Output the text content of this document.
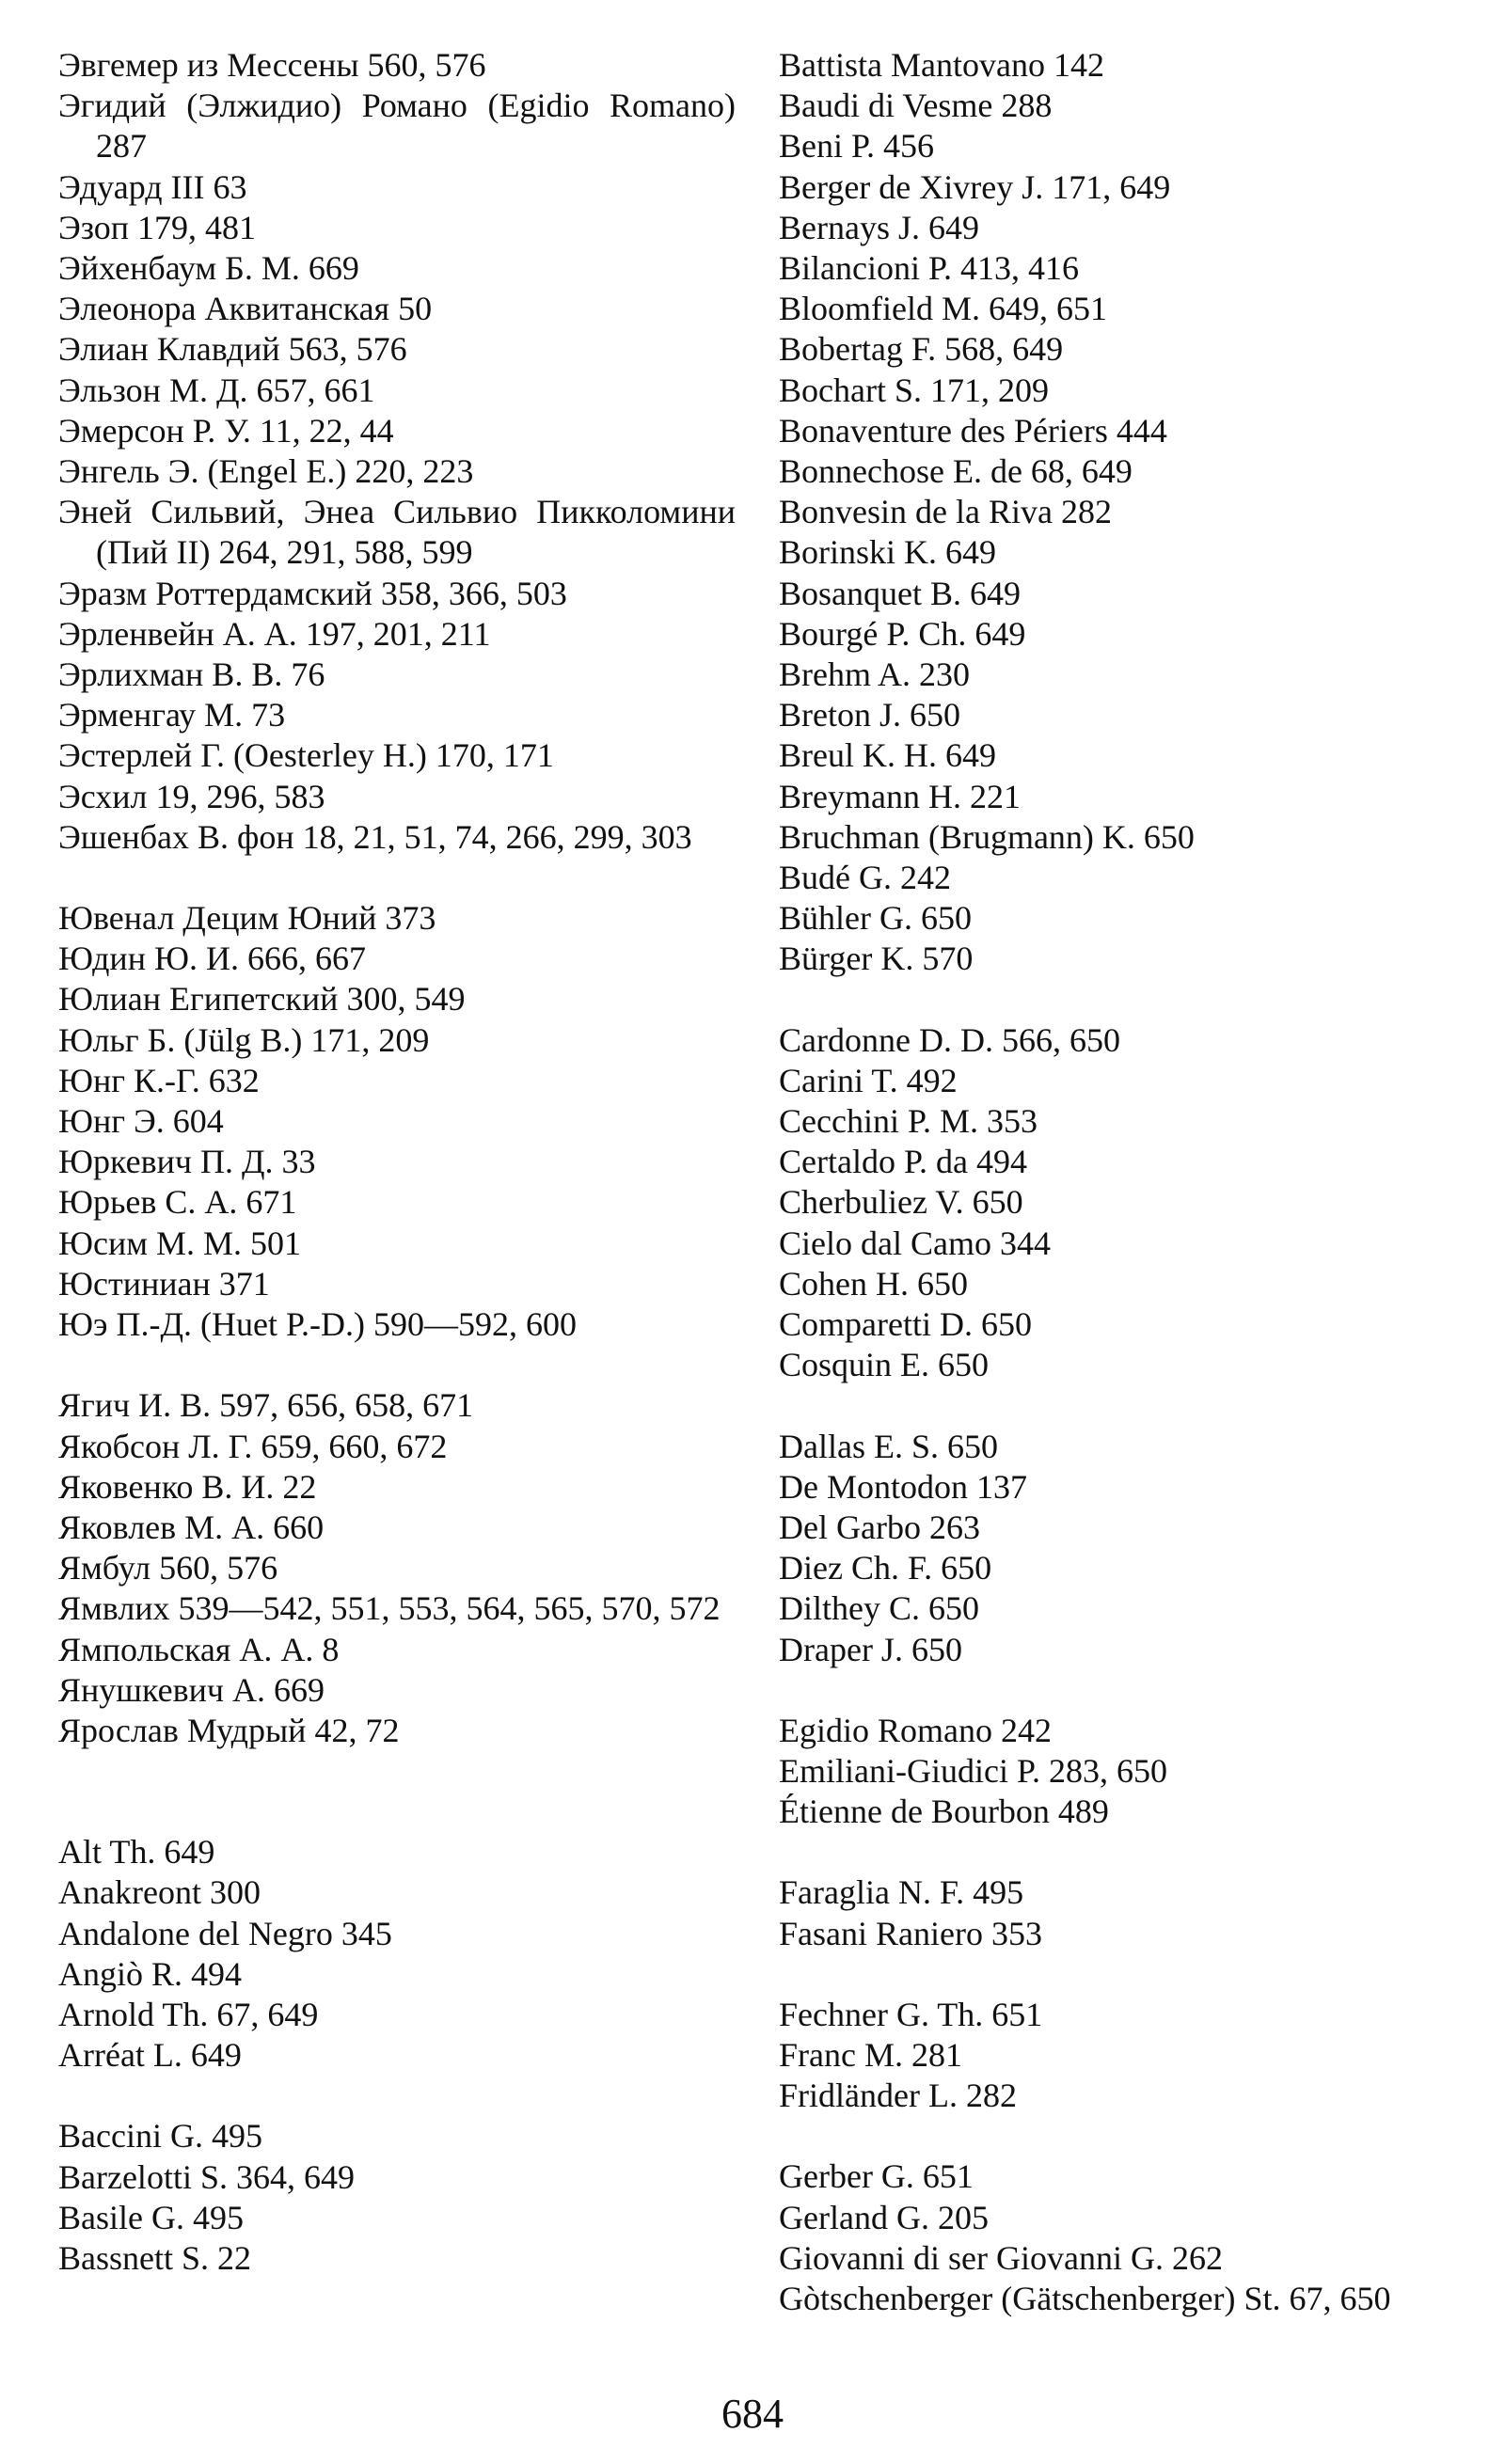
Эвгемер из Мессены 560, 576
Эгидий (Элжидио) Романо (Egidio Romano) 287
Эдуард III 63
Эзоп 179, 481
Эйхенбаум Б. М. 669
Элеонора Аквитанская 50
Элиан Клавдий 563, 576
Эльзон М. Д. 657, 661
Эмерсон Р. У. 11, 22, 44
Энгель Э. (Engel E.) 220, 223
Эней Сильвий, Энеа Сильвио Пикколомини (Пий II) 264, 291, 588, 599
Эразм Роттердамский 358, 366, 503
Эрленвейн А. А. 197, 201, 211
Эрлихман В. В. 76
Эрменгау М. 73
Эстерлей Г. (Oesterley H.) 170, 171
Эсхил 19, 296, 583
Эшенбах В. фон 18, 21, 51, 74, 266, 299, 303
Ювенал Децим Юний 373
Юдин Ю. И. 666, 667
Юлиан Египетский 300, 549
Юльг Б. (Jülg B.) 171, 209
Юнг К.-Г. 632
Юнг Э. 604
Юркевич П. Д. 33
Юрьев С. А. 671
Юсим М. М. 501
Юстиниан 371
Юэ П.-Д. (Huet P.-D.) 590—592, 600
Ягич И. В. 597, 656, 658, 671
Якобсон Л. Г. 659, 660, 672
Яковенко В. И. 22
Яковлев М. А. 660
Ямбул 560, 576
Ямвлих 539—542, 551, 553, 564, 565, 570, 572
Ямпольская А. А. 8
Янушкевич А. 669
Ярослав Мудрый 42, 72
Alt Th. 649
Anakreont 300
Andalone del Negro 345
Angiò R. 494
Arnold Th. 67, 649
Arréat L. 649
Baccini G. 495
Barzelotti S. 364, 649
Basile G. 495
Bassnett S. 22
Battista Mantovano 142
Baudi di Vesme 288
Beni P. 456
Berger de Xivrey J. 171, 649
Bernays J. 649
Bilancioni P. 413, 416
Bloomfield M. 649, 651
Bobertag F. 568, 649
Bochart S. 171, 209
Bonaventure des Périers 444
Bonnechose E. de 68, 649
Bonvesin de la Riva 282
Borinski K. 649
Bosanquet B. 649
Bourgé P. Ch. 649
Brehm A. 230
Breton J. 650
Breul K. H. 649
Breymann H. 221
Bruchman (Brugmann) K. 650
Budé G. 242
Bühler G. 650
Bürger K. 570
Cardonne D. D. 566, 650
Carini T. 492
Cecchini P. M. 353
Certaldo P. da 494
Cherbuliez V. 650
Cielo dal Camo 344
Cohen H. 650
Comparetti D. 650
Cosquin E. 650
Dallas E. S. 650
De Montodon 137
Del Garbo 263
Diez Ch. F. 650
Dilthey C. 650
Draper J. 650
Egidio Romano 242
Emiliani-Giudici P. 283, 650
Étienne de Bourbon 489
Faraglia N. F. 495
Fasani Raniero 353
Fechner G. Th. 651
Franc M. 281
Fridländer L. 282
Gerber G. 651
Gerland G. 205
Giovanni di ser Giovanni G. 262
Gòtschenberger (Gätschenberger) St. 67, 650
684
